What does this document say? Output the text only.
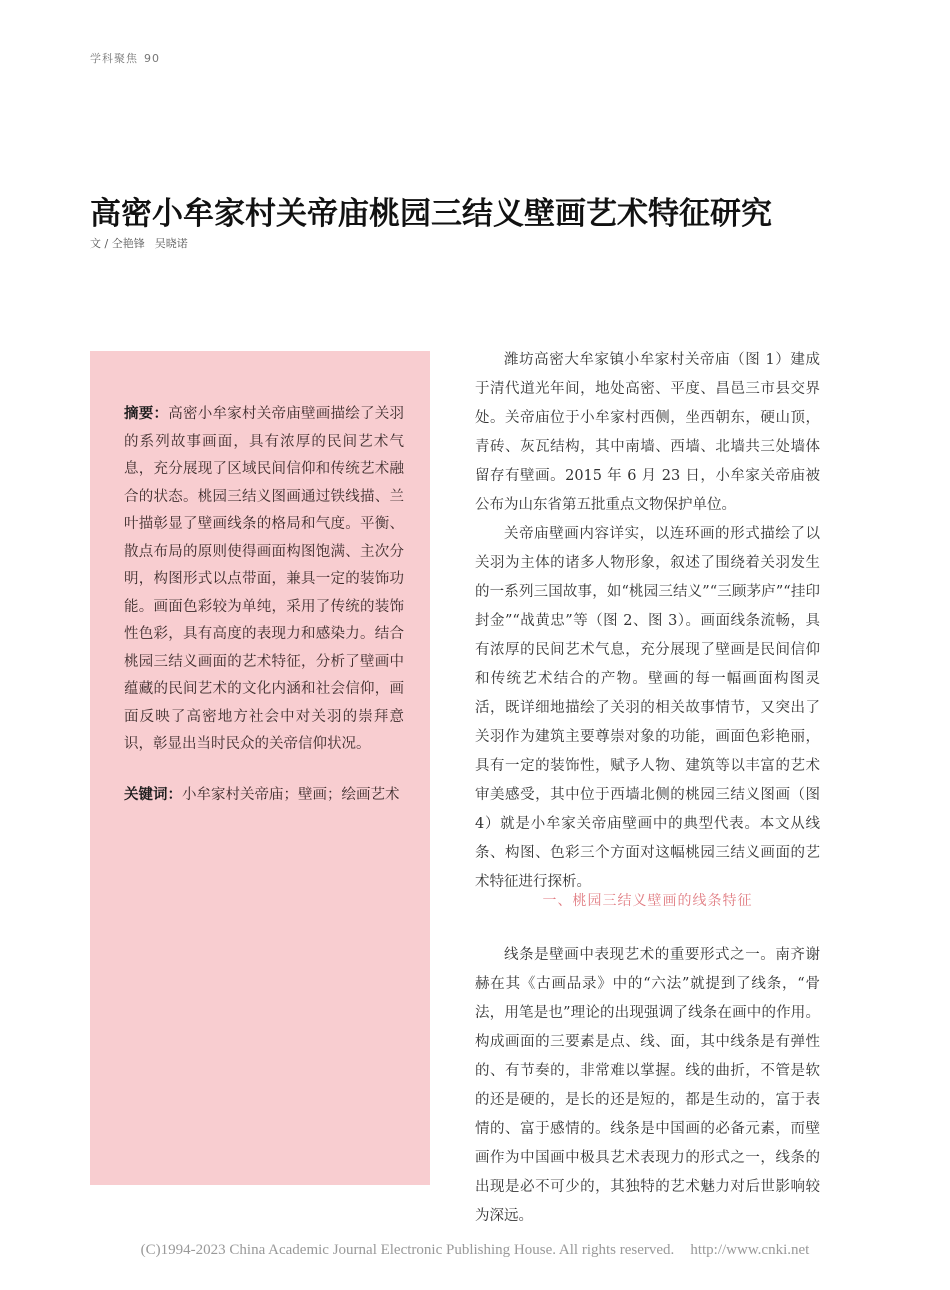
学科聚焦 90
高密小牟家村关帝庙桃园三结义壁画艺术特征研究
文 / 仝艳锋 吴晓诺
摘要：高密小牟家村关帝庙壁画描绘了关羽的系列故事画面，具有浓厚的民间艺术气息，充分展现了区域民间信仰和传统艺术融合的状态。桃园三结义图画通过铁线描、兰叶描彰显了壁画线条的格局和气度。平衡、散点布局的原则使得画面构图饱满、主次分明，构图形式以点带面，兼具一定的装饰功能。画面色彩较为单纯，采用了传统的装饰性色彩，具有高度的表现力和感染力。结合桃园三结义画面的艺术特征，分析了壁画中蕴藏的民间艺术的文化内涵和社会信仰，画面反映了高密地方社会中对关羽的崇拜意识，彰显出当时民众的关帝信仰状况。
关键词：小牟家村关帝庙；壁画；绘画艺术

潍坊高密大牟家镇小牟家村关帝庙（图 1）建成于清代道光年间，地处高密、平度、昌邑三市县交界处。关帝庙位于小牟家村西侧，坐西朝东，硬山顶，青砖、灰瓦结构，其中南墙、西墙、北墙共三处墙体留存有壁画。2015 年 6 月 23 日，小牟家关帝庙被公布为山东省第五批重点文物保护单位。

关帝庙壁画内容详实，以连环画的形式描绘了以关羽为主体的诸多人物形象，叙述了围绕着关羽发生的一系列三国故事，如“桃园三结义”“三顾茅庐”“挂印封金”“战黄忠”等（图 2、图 3）。画面线条流畅，具有浓厚的民间艺术气息，充分展现了壁画是民间信仰和传统艺术结合的产物。壁画的每一幅画面构图灵活，既详细地描绘了关羽的相关故事情节，又突出了关羽作为建筑主要尊崇对象的功能，画面色彩艳丽，具有一定的装饰性，赋予人物、建筑等以丰富的艺术审美感受，其中位于西墙北侧的桃园三结义图画（图 4）就是小牟家关帝庙壁画中的典型代表。本文从线条、构图、色彩三个方面对这幅桃园三结义画面的艺术特征进行探析。

一、桃园三结义壁画的线条特征

线条是壁画中表现艺术的重要形式之一。南齐谢赫在其《古画品录》中的“六法”就提到了线条，“骨法，用笔是也”理论的出现强调了线条在画中的作用。构成画面的三要素是点、线、面，其中线条是有弹性的、有节奏的，非常难以掌握。线的曲折，不管是软的还是硬的，是长的还是短的，都是生动的，富于表情的、富于感情的。线条是中国画的必备元素，而壁画作为中国画中极具艺术表现力的形式之一，线条的出现是必不可少的，其独特的艺术魅力对后世影响较为深远。

(C)1994-2023 China Academic Journal Electronic Publishing House. All rights reserved. http://www.cnki.net
